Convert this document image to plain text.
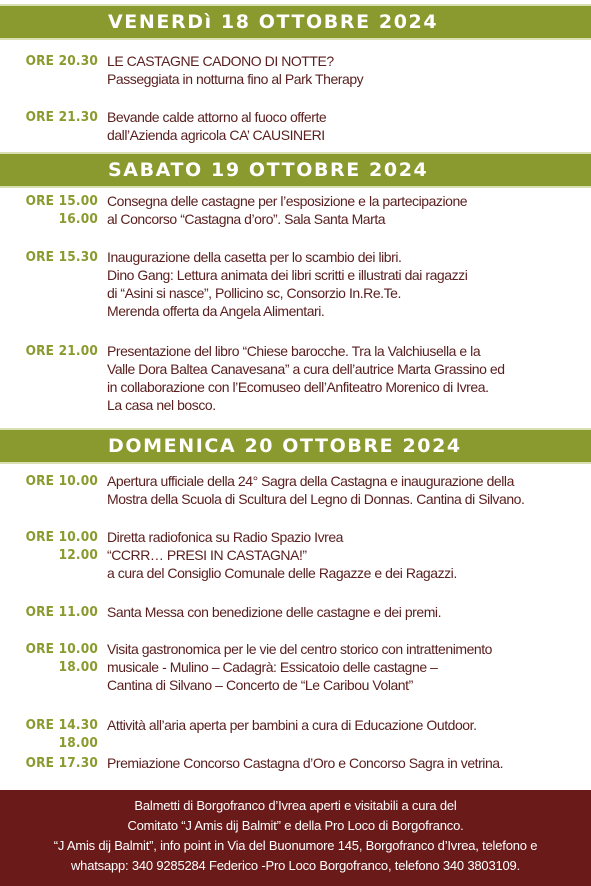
VENERDì 18 OTTOBRE 2024
ORE 20.30 LE CASTAGNE CADONO DI NOTTE?
Passeggiata in notturna fino al Park Therapy
ORE 21.30 Bevande calde attorno al fuoco offerte
dall’Azienda agricola CA’ CAUSINERI
SABATO 19 OTTOBRE 2024
ORE 15.00
16.00
Consegna delle castagne per l’esposizione e la partecipazione
al Concorso “Castagna d’oro”. Sala Santa Marta
ORE 15.30 Inaugurazione della casetta per lo scambio dei libri.
Dino Gang: Lettura animata dei libri scritti e illustrati dai ragazzi
di “Asini si nasce”, Pollicino sc, Consorzio In.Re.Te.
Merenda offerta da Angela Alimentari.
ORE 21.00 Presentazione del libro “Chiese barocche. Tra la Valchiusella e la
Valle Dora Baltea Canavesana” a cura dell’autrice Marta Grassino ed
in collaborazione con l’Ecomuseo dell’Anfiteatro Morenico di Ivrea.
La casa nel bosco.
DOMENICA 20 OTTOBRE 2024
ORE 10.00 Apertura ufficiale della 24° Sagra della Castagna e inaugurazione della
Mostra della Scuola di Scultura del Legno di Donnas. Cantina di Silvano.
ORE 10.00
12.00
Diretta radiofonica su Radio Spazio Ivrea
“CCRR… PRESI IN CASTAGNA!”
a cura del Consiglio Comunale delle Ragazze e dei Ragazzi.
ORE 11.00 Santa Messa con benedizione delle castagne e dei premi.
ORE 10.00
18.00
Visita gastronomica per le vie del centro storico con intrattenimento
musicale - Mulino – Cadagrà: Essicatoio delle castagne –
Cantina di Silvano – Concerto de “Le Caribou Volant”
ORE 14.30
18.00
Attività all’aria aperta per bambini a cura di Educazione Outdoor.
ORE 17.30 Premiazione Concorso Castagna d’Oro e Concorso Sagra in vetrina.
Balmetti di Borgofranco d’Ivrea aperti e visitabili a cura del
Comitato “J Amis dij Balmit” e della Pro Loco di Borgofranco.
“J Amis dij Balmit”, info point in Via del Buonumore 145, Borgofranco d’Ivrea, telefono e
whatsapp: 340 9285284 Federico -Pro Loco Borgofranco, telefono 340 3803109.
